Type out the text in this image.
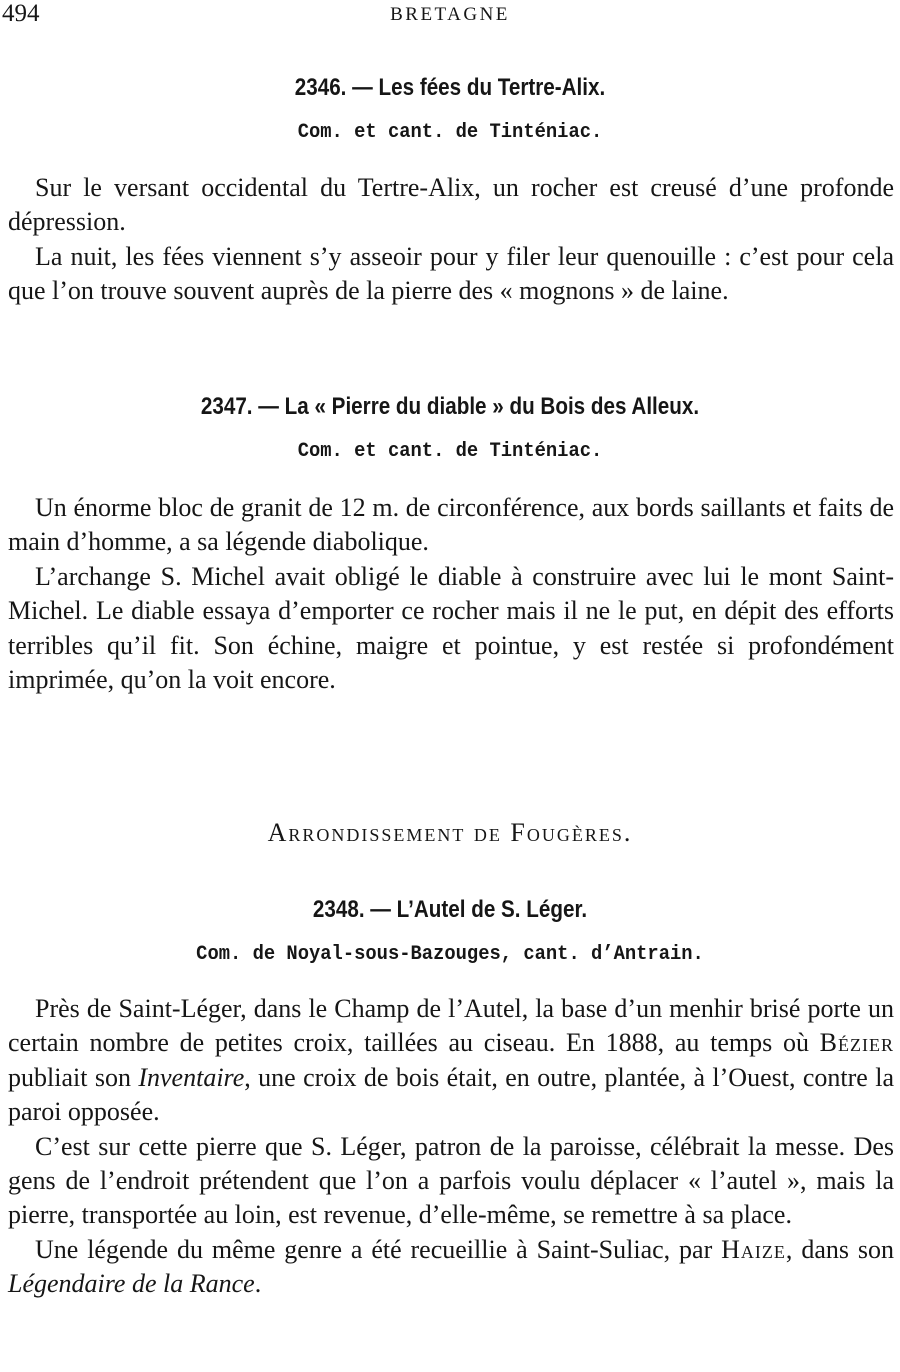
494	BRETAGNE
2346. — Les fées du Tertre-Alix.
Com. et cant. de Tinténiac.

Sur le versant occidental du Tertre-Alix, un rocher est creusé d’une profonde dépression.

La nuit, les fées viennent s’y asseoir pour y filer leur quenouille : c’est pour cela que l’on trouve souvent auprès de la pierre des « mognons » de laine.

2347. — La « Pierre du diable » du Bois des Alleux.
Com. et cant. de Tinténiac.

Un énorme bloc de granit de 12 m. de circonférence, aux bords saillants et faits de main d’homme, a sa légende diabolique.

L’archange S. Michel avait obligé le diable à construire avec lui le mont Saint-Michel. Le diable essaya d’emporter ce rocher mais il ne le put, en dépit des efforts terribles qu’il fit. Son échine, maigre et pointue, y est restée si profondément imprimée, qu’on la voit encore.

Arrondissement de Fougères.
2348. — L’Autel de S. Léger.
Com. de Noyal-sous-Bazouges, cant. d’Antrain.

Près de Saint-Léger, dans le Champ de l’Autel, la base d’un menhir brisé porte un certain nombre de petites croix, taillées au ciseau. En 1888, au temps où Bézier publiait son Inventaire, une croix de bois était, en outre, plantée, à l’Ouest, contre la paroi opposée.

C’est sur cette pierre que S. Léger, patron de la paroisse, célébrait la messe. Des gens de l’endroit prétendent que l’on a parfois voulu déplacer « l’autel », mais la pierre, transportée au loin, est revenue, d’elle-même, se remettre à sa place.

Une légende du même genre a été recueillie à Saint-Suliac, par Haize, dans son Légendaire de la Rance.
